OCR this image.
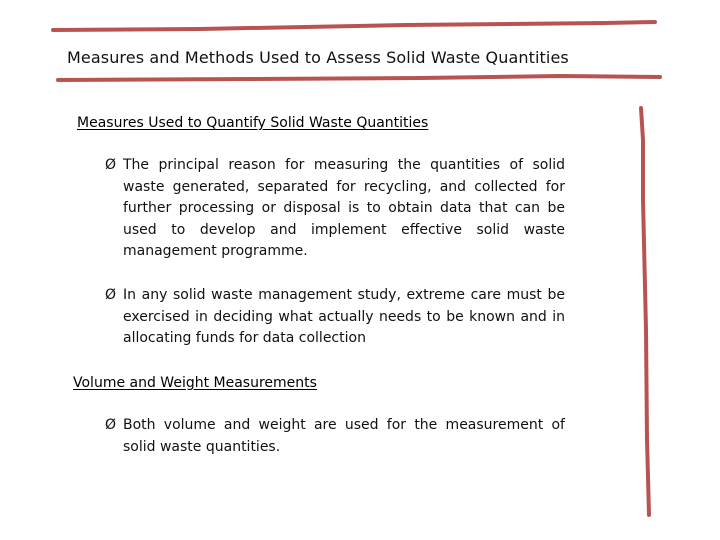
Measures and Methods Used to Assess Solid Waste Quantities
Measures Used to Quantify Solid Waste Quantities
Ø The principal reason for measuring the quantities of solid waste generated, separated for recycling, and collected for further processing or disposal is to obtain data that can be used to develop and implement effective solid waste management programme.
Ø In any solid waste management study, extreme care must be exercised in deciding what actually needs to be known and in allocating funds for data collection
Volume and Weight Measurements
Ø Both volume and weight are used for the measurement of solid waste quantities.
